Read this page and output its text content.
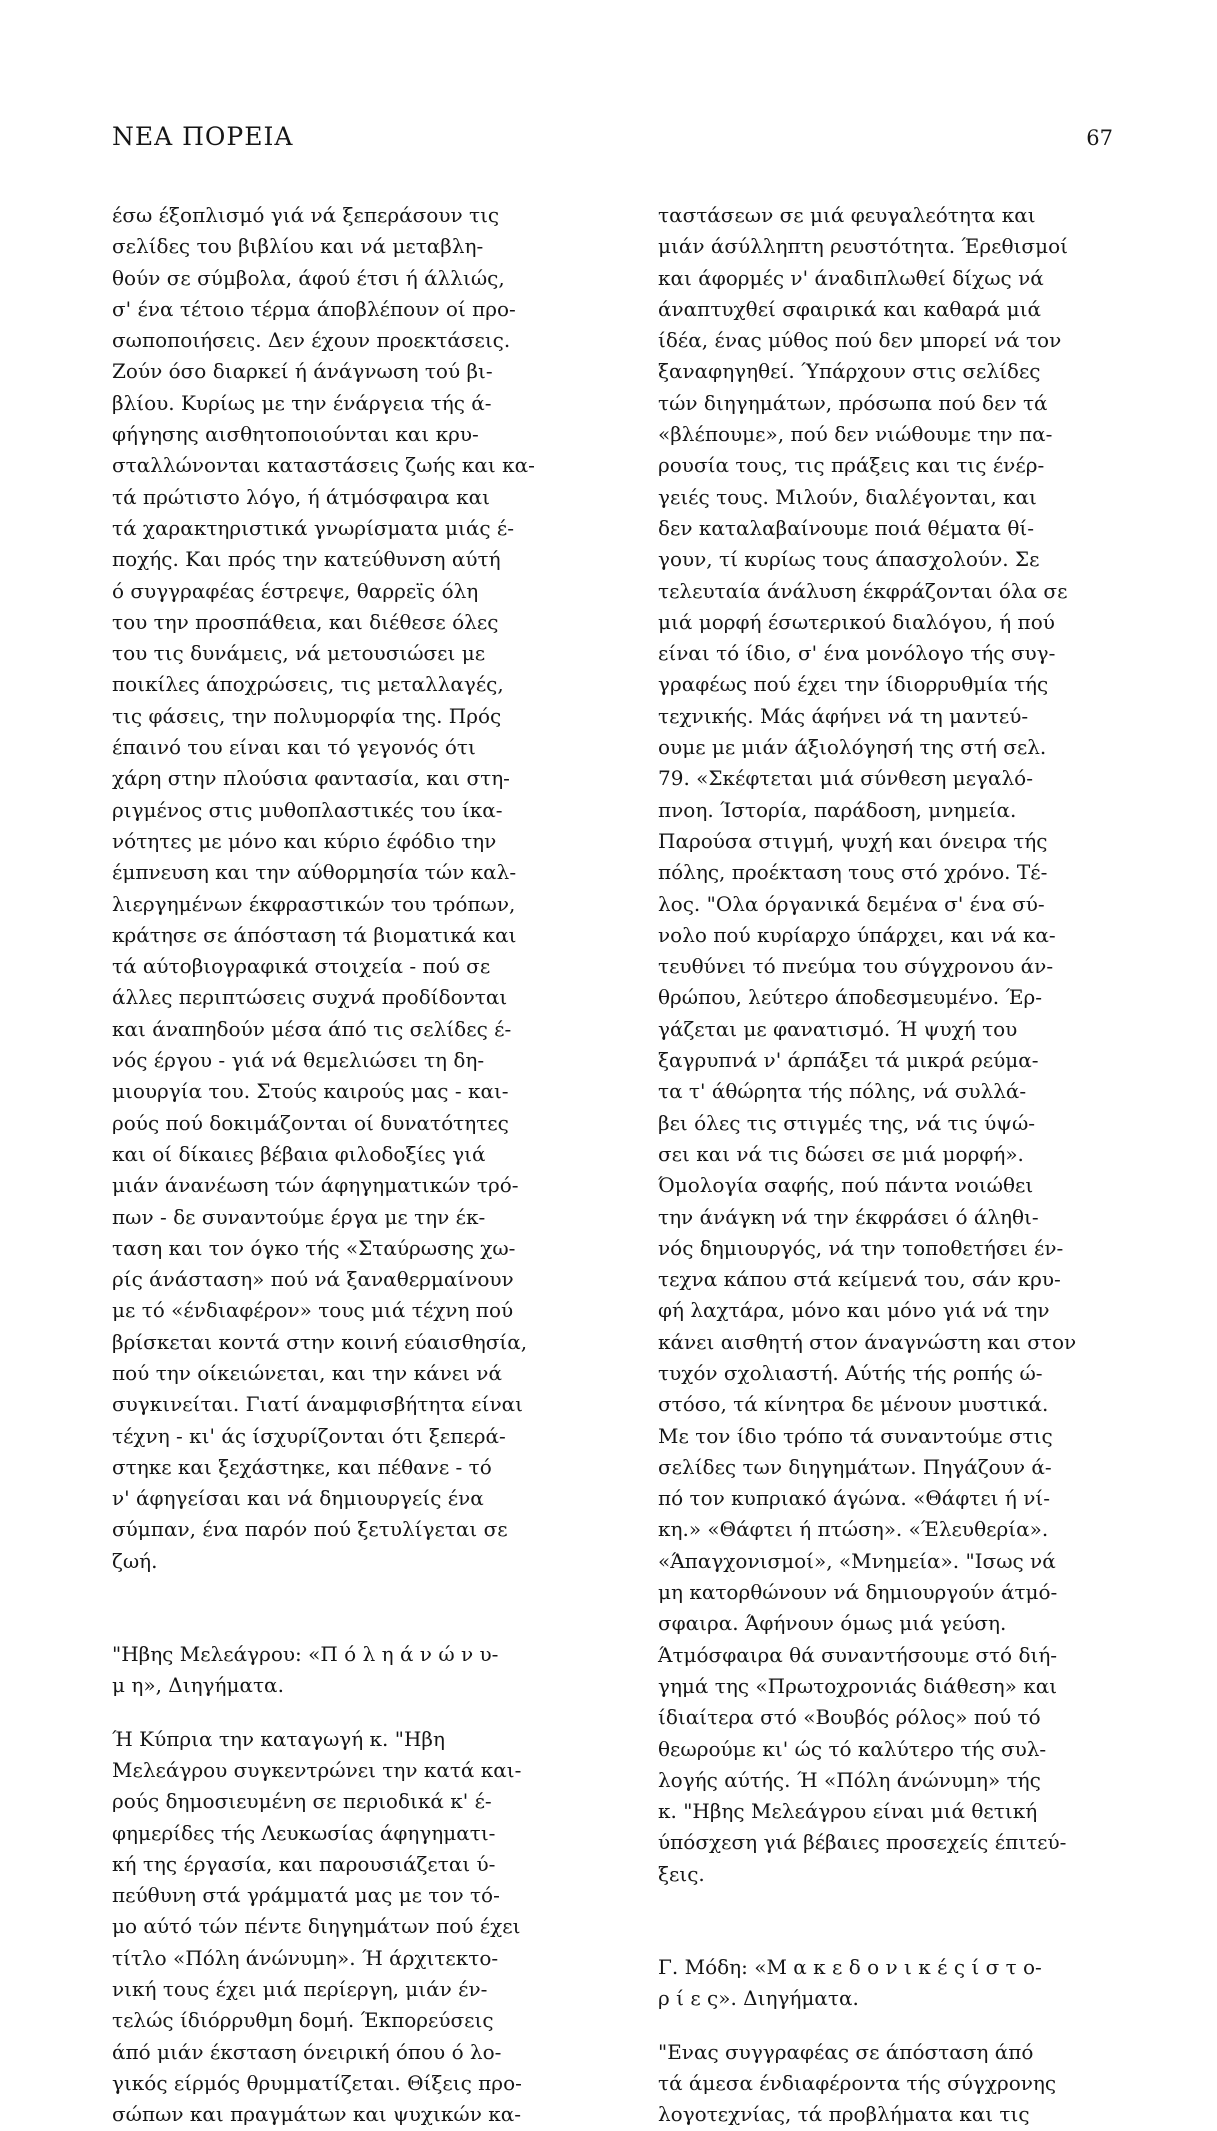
ΝΕΑ ΠΟΡΕΙΑ	67
έσω έξοπλισμό γιά νά ξεπεράσουν τις
σελίδες του βιβλίου και νά μεταβλη-
θούν σε σύμβολα, άφού έτσι ή άλλιώς,
σ' ένα τέτοιο τέρμα άποβλέπουν οί προ-
σωποποιήσεις. Δεν έχουν προεκτάσεις.
Ζούν όσο διαρκεί ή άνάγνωση τού βι-
βλίου. Κυρίως με την ένάργεια τής ά-
φήγησης αισθητοποιούνται και κρυ-
σταλλώνονται καταστάσεις ζωής και κα-
τά πρώτιστο λόγο, ή άτμόσφαιρα και
τά χαρακτηριστικά γνωρίσματα μιάς έ-
ποχής. Και πρός την κατεύθυνση αύτή
ό συγγραφέας έστρεψε, θαρρεϊς όλη
του την προσπάθεια, και διέθεσε όλες
του τις δυνάμεις, νά μετουσιώσει με
ποικίλες άποχρώσεις, τις μεταλλαγές,
τις φάσεις, την πολυμορφία της. Πρός
έπαινό του είναι και τό γεγονός ότι
χάρη στην πλούσια φαντασία, και στη-
ριγμένος στις μυθοπλαστικές του ίκα-
νότητες με μόνο και κύριο έφόδιο την
έμπνευση και την αύθορμησία τών καλ-
λιεργημένων έκφραστικών του τρόπων,
κράτησε σε άπόσταση τά βιοματικά και
τά αύτοβιογραφικά στοιχεία - πού σε
άλλες περιπτώσεις συχνά προδίδονται
και άναπηδούν μέσα άπό τις σελίδες έ-
νός έργου - γιά νά θεμελιώσει τη δη-
μιουργία του. Στούς καιρούς μας - και-
ρούς πού δοκιμάζονται οί δυνατότητες
και οί δίκαιες βέβαια φιλοδοξίες γιά
μιάν άνανέωση τών άφηγηματικών τρό-
πων - δε συναντούμε έργα με την έκ-
ταση και τον όγκο τής «Σταύρωσης χω-
ρίς άνάσταση» πού νά ξαναθερμαίνουν
με τό «ένδιαφέρον» τους μιά τέχνη πού
βρίσκεται κοντά στην κοινή εύαισθησία,
πού την οίκειώνεται, και την κάνει νά
συγκινείται. Γιατί άναμφισβήτητα είναι
τέχνη - κι' άς ίσχυρίζονται ότι ξεπερά-
στηκε και ξεχάστηκε, και πέθανε - τό
ν' άφηγείσαι και νά δημιουργείς ένα
σύμπαν, ένα παρόν πού ξετυλίγεται σε
ζωή.
"Ηβης Μελεάγρου: «Π ό λ η ά ν ώ ν υ-
μ η», Διηγήματα.
Ή Κύπρια την καταγωγή κ. "Ηβη
Μελεάγρου συγκεντρώνει την κατά και-
ρούς δημοσιευμένη σε περιοδικά κ' έ-
φημερίδες τής Λευκωσίας άφηγηματι-
κή της έργασία, και παρουσιάζεται ύ-
πεύθυνη στά γράμματά μας με τον τό-
μο αύτό τών πέντε διηγημάτων πού έχει
τίτλο «Πόλη άνώνυμη». Ή άρχιτεκτο-
νική τους έχει μιά περίεργη, μιάν έν-
τελώς ίδιόρρυθμη δομή. Έκπορεύσεις
άπό μιάν έκσταση όνειρική όπου ό λο-
γικός είρμός θρυμματίζεται. Θίξεις προ-
σώπων και πραγμάτων και ψυχικών κα-
ταστάσεων σε μιά φευγαλεότητα και
μιάν άσύλληπτη ρευστότητα. Έρεθισμοί
και άφορμές ν' άναδιπλωθεί δίχως νά
άναπτυχθεί σφαιρικά και καθαρά μιά
ίδέα, ένας μύθος πού δεν μπορεί νά τον
ξαναφηγηθεί. Ύπάρχουν στις σελίδες
τών διηγημάτων, πρόσωπα πού δεν τά
«βλέπουμε», πού δεν νιώθουμε την πα-
ρουσία τους, τις πράξεις και τις ένέρ-
γειές τους. Μιλούν, διαλέγονται, και
δεν καταλαβαίνουμε ποιά θέματα θί-
γουν, τί κυρίως τους άπασχολούν. Σε
τελευταία άνάλυση έκφράζονται όλα σε
μιά μορφή έσωτερικού διαλόγου, ή πού
είναι τό ίδιο, σ' ένα μονόλογο τής συγ-
γραφέως πού έχει την ίδιορρυθμία τής
τεχνικής. Μάς άφήνει νά τη μαντεύ-
ουμε με μιάν άξιολόγησή της στή σελ.
79. «Σκέφτεται μιά σύνθεση μεγαλό-
πνοη. Ίστορία, παράδοση, μνημεία.
Παρούσα στιγμή, ψυχή και όνειρα τής
πόλης, προέκταση τους στό χρόνο. Τέ-
λος. "Ολα όργανικά δεμένα σ' ένα σύ-
νολο πού κυρίαρχο ύπάρχει, και νά κα-
τευθύνει τό πνεύμα του σύγχρονου άν-
θρώπου, λεύτερο άποδεσμευμένο. Έρ-
γάζεται με φανατισμό. Ή ψυχή του
ξαγρυπνά ν' άρπάξει τά μικρά ρεύμα-
τα τ' άθώρητα τής πόλης, νά συλλά-
βει όλες τις στιγμές της, νά τις ύψώ-
σει και νά τις δώσει σε μιά μορφή».
Όμολογία σαφής, πού πάντα νοιώθει
την άνάγκη νά την έκφράσει ό άληθι-
νός δημιουργός, νά την τοποθετήσει έν-
τεχνα κάπου στά κείμενά του, σάν κρυ-
φή λαχτάρα, μόνο και μόνο γιά νά την
κάνει αισθητή στον άναγνώστη και στον
τυχόν σχολιαστή. Αύτής τής ροπής ώ-
στόσο, τά κίνητρα δε μένουν μυστικά.
Με τον ίδιο τρόπο τά συναντούμε στις
σελίδες των διηγημάτων. Πηγάζουν ά-
πό τον κυπριακό άγώνα. «Θάφτει ή νί-
κη.» «Θάφτει ή πτώση». «Έλευθερία».
«Άπαγχονισμοί», «Μνημεία». "Ισως νά
μη κατορθώνουν νά δημιουργούν άτμό-
σφαιρα. Άφήνουν όμως μιά γεύση.
Άτμόσφαιρα θά συναντήσουμε στό διή-
γημά της «Πρωτοχρονιάς διάθεση» και
ίδιαίτερα στό «Βουβός ρόλος» πού τό
θεωρούμε κι' ώς τό καλύτερο τής συλ-
λογής αύτής. Ή «Πόλη άνώνυμη» τής
κ. "Ηβης Μελεάγρου είναι μιά θετική
ύπόσχεση γιά βέβαιες προσεχείς έπιτεύ-
ξεις.
Γ. Μόδη: «Μ α κ ε δ ο ν ι κ έ ς ί σ τ ο-
ρ ί ε ς». Διηγήματα.
"Ενας συγγραφέας σε άπόσταση άπό
τά άμεσα ένδιαφέροντα τής σύγχρονης
λογοτεχνίας, τά προβλήματα και τις
